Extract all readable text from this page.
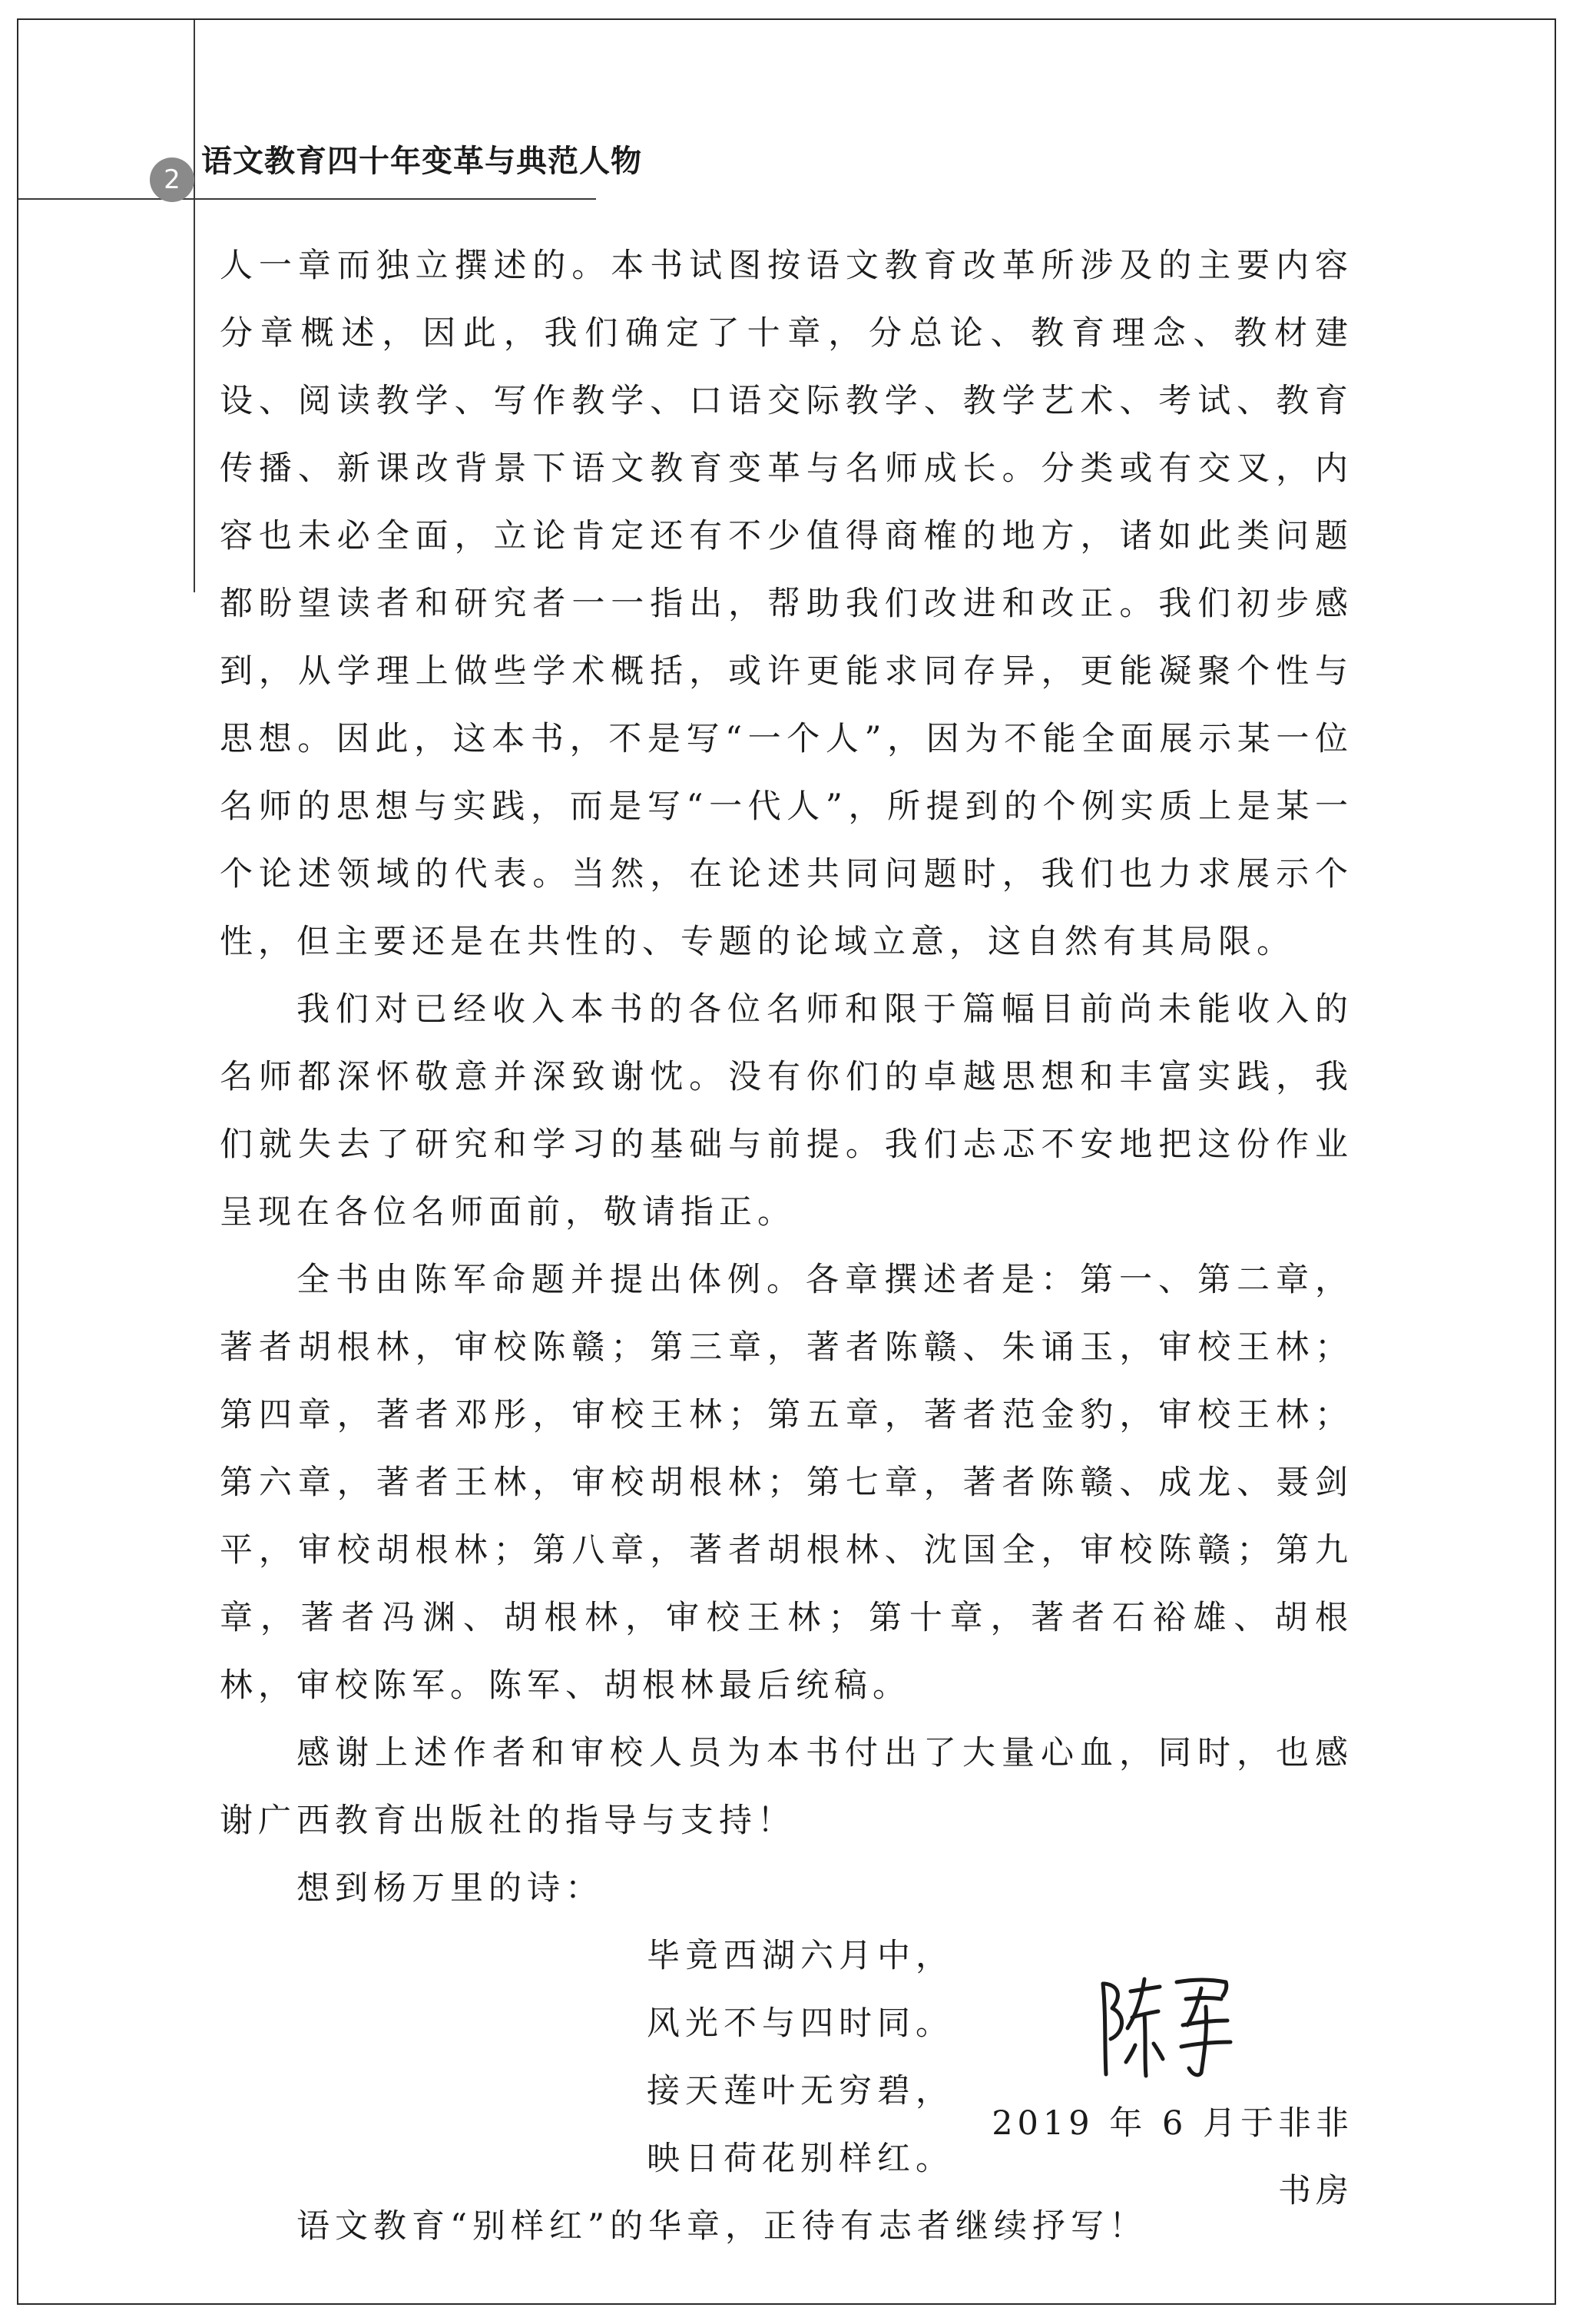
2
语文教育四十年变革与典范人物

人一章而独立撰述的。本书试图按语文教育改革所涉及的主要内容分章概述，因此，我们确定了十章，分总论、教育理念、教材建设、阅读教学、写作教学、口语交际教学、教学艺术、考试、教育传播、新课改背景下语文教育变革与名师成长。分类或有交叉，内容也未必全面，立论肯定还有不少值得商榷的地方，诸如此类问题都盼望读者和研究者一一指出，帮助我们改进和改正。我们初步感到，从学理上做些学术概括，或许更能求同存异，更能凝聚个性与思想。因此，这本书，不是写“一个人”，因为不能全面展示某一位名师的思想与实践，而是写“一代人”，所提到的个例实质上是某一个论述领域的代表。当然，在论述共同问题时，我们也力求展示个性，但主要还是在共性的、专题的论域立意，这自然有其局限。

我们对已经收入本书的各位名师和限于篇幅目前尚未能收入的名师都深怀敬意并深致谢忱。没有你们的卓越思想和丰富实践，我们就失去了研究和学习的基础与前提。我们忐忑不安地把这份作业呈现在各位名师面前，敬请指正。

全书由陈军命题并提出体例。各章撰述者是：第一、第二章，著者胡根林，审校陈赣；第三章，著者陈赣、朱诵玉，审校王林；第四章，著者邓彤，审校王林；第五章，著者范金豹，审校王林；第六章，著者王林，审校胡根林；第七章，著者陈赣、成龙、聂剑平，审校胡根林；第八章，著者胡根林、沈国全，审校陈赣；第九章，著者冯渊、胡根林，审校王林；第十章，著者石裕雄、胡根林，审校陈军。陈军、胡根林最后统稿。

感谢上述作者和审校人员为本书付出了大量心血，同时，也感谢广西教育出版社的指导与支持！

想到杨万里的诗：

毕竟西湖六月中，
风光不与四时同。
接天莲叶无穷碧，
映日荷花别样红。

语文教育“别样红”的华章，正待有志者继续抒写！

2019 年 6 月于非非书房
